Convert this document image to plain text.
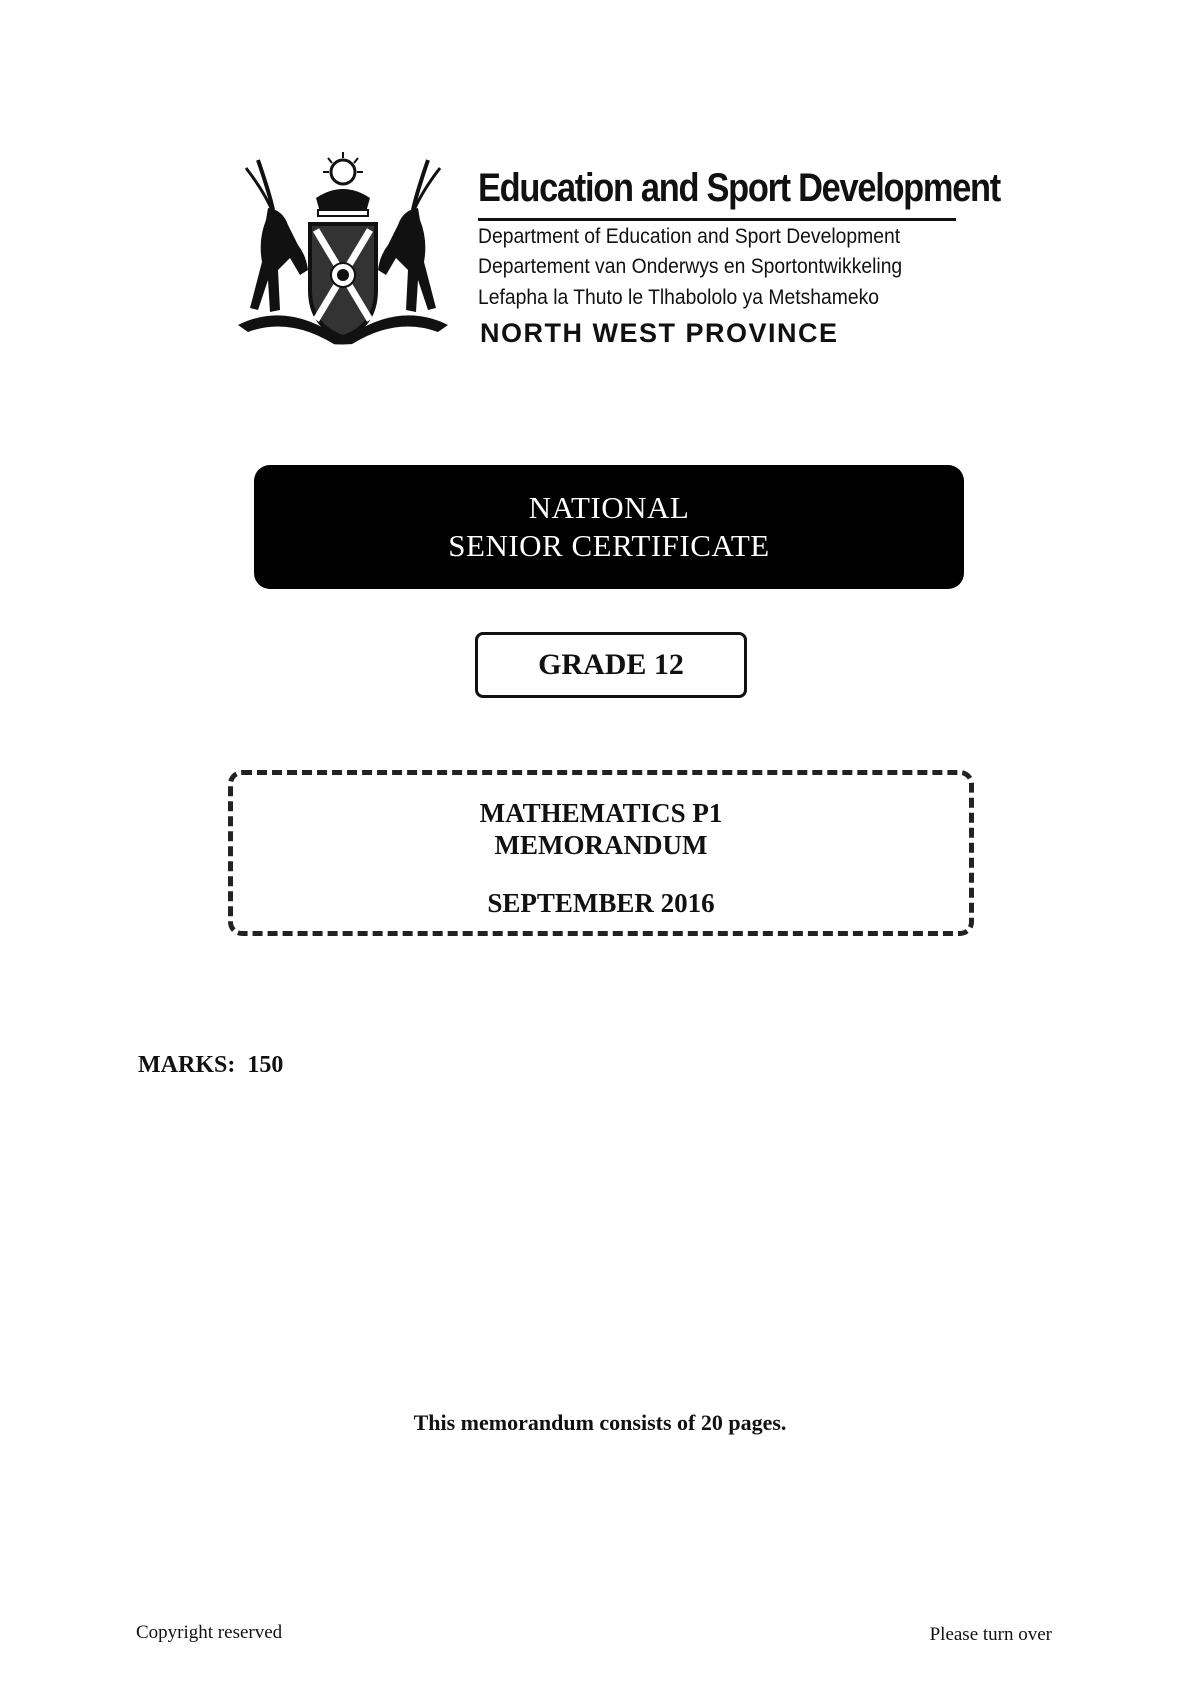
Education and Sport Development
Department of Education and Sport Development
Departement van Onderwys en Sportontwikkeling
Lefapha la Thuto le Tlhabololo ya Metshameko
NORTH WEST PROVINCE
NATIONAL
SENIOR CERTIFICATE
GRADE 12
MATHEMATICS P1
MEMORANDUM
SEPTEMBER 2016
MARKS:  150
This memorandum consists of 20 pages.
Copyright reserved	Please turn over
